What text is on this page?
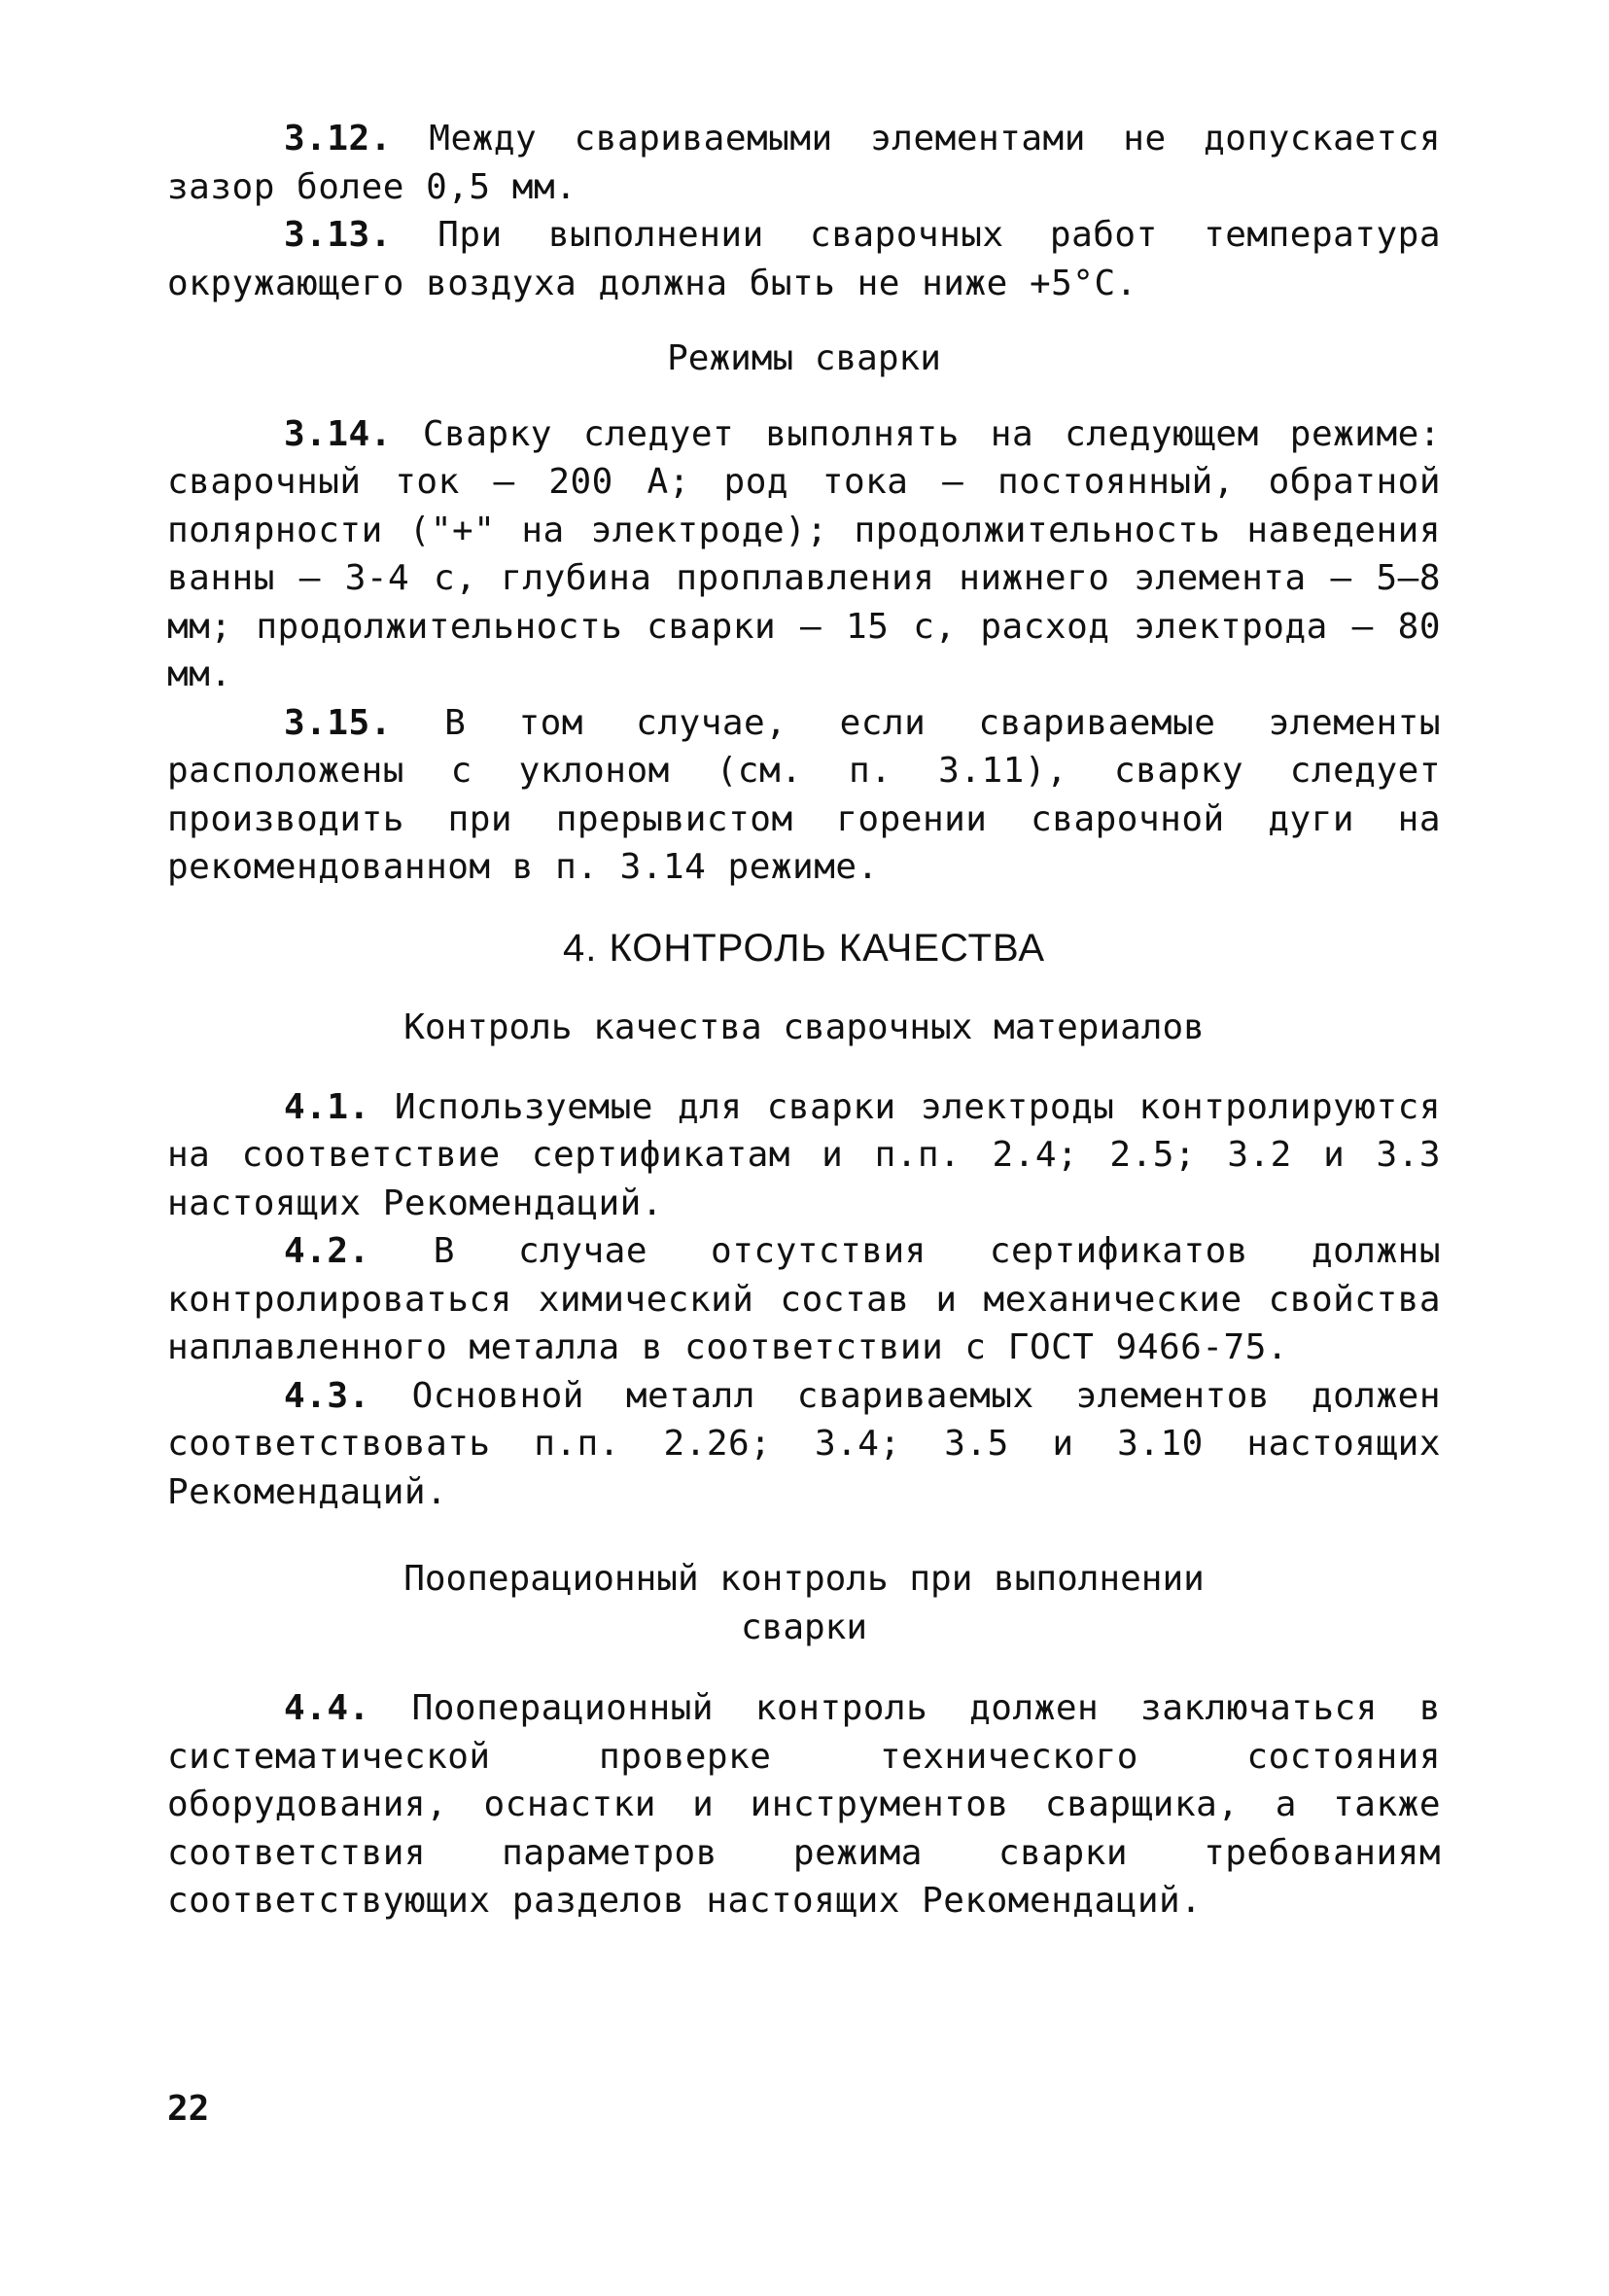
3.12. Между свариваемыми элементами не допускается зазор более 0,5 мм.

3.13. При выполнении сварочных работ температура окружающего воздуха должна быть не ниже +5°С.

Режимы сварки

3.14. Сварку следует выполнять на следующем режиме: сварочный ток – 200 А; род тока – постоянный, обратной полярности ("+" на электроде); продолжительность наведения ванны – 3-4 с, глубина проплавления нижнего элемента – 5–8 мм; продолжительность сварки – 15 с, расход электрода – 80 мм.

3.15. В том случае, если свариваемые элементы расположены с уклоном (см. п. 3.11), сварку следует производить при прерывистом горении сварочной дуги на рекомендованном в п. 3.14 режиме.

4. КОНТРОЛЬ КАЧЕСТВА

Контроль качества сварочных материалов

4.1. Используемые для сварки электроды контролируются на соответствие сертификатам и п.п. 2.4; 2.5; 3.2 и 3.3 настоящих Рекомендаций.

4.2. В случае отсутствия сертификатов должны контролироваться химический состав и механические свойства наплавленного металла в соответствии с ГОСТ 9466-75.

4.3. Основной металл свариваемых элементов должен соответствовать п.п. 2.26; 3.4; 3.5 и 3.10 настоящих Рекомендаций.

Пооперационный контроль при выполнении

сварки

4.4. Пооперационный контроль должен заключаться в систематической проверке технического состояния оборудования, оснастки и инструментов сварщика, а также соответствия параметров режима сварки требованиям соответствующих разделов настоящих Рекомендаций.

22
